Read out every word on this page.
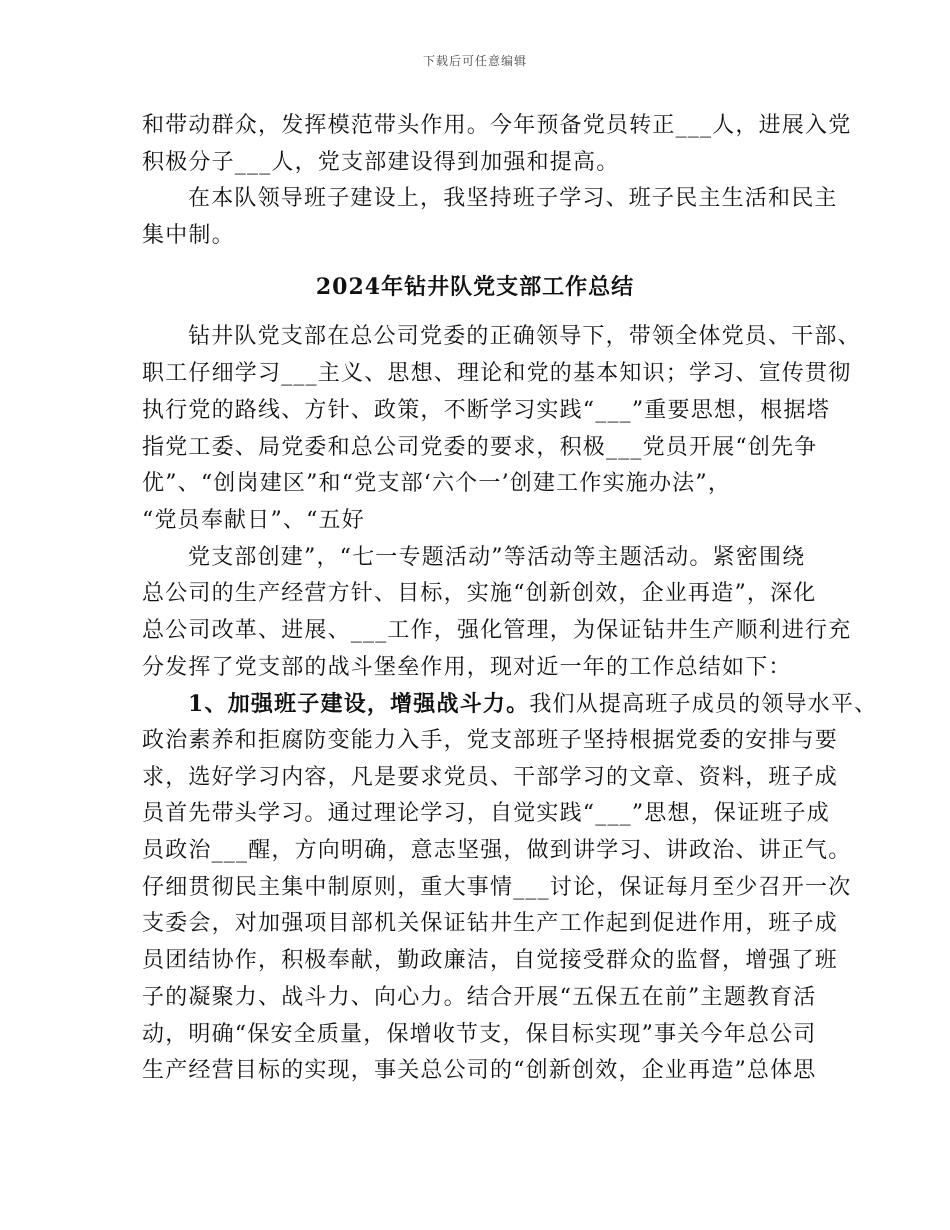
下载后可任意编辑
和带动群众，发挥模范带头作用。今年预备党员转正___人，进展入党
积极分子___人，党支部建设得到加强和提高。
在本队领导班子建设上，我坚持班子学习、班子民主生活和民主
集中制。
2024年钻井队党支部工作总结
钻井队党支部在总公司党委的正确领导下，带领全体党员、干部、
职工仔细学习___主义、思想、理论和党的基本知识；学习、宣传贯彻
执行党的路线、方针、政策，不断学习实践“___”重要思想，根据塔
指党工委、局党委和总公司党委的要求，积极___党员开展“创先争
优”、“创岗建区”和“党支部‘六个一’创建工作实施办法”，
“党员奉献日”、“五好
党支部创建”，“七一专题活动”等活动等主题活动。紧密围绕
总公司的生产经营方针、目标，实施“创新创效，企业再造”，深化
总公司改革、进展、___工作，强化管理，为保证钻井生产顺利进行充
分发挥了党支部的战斗堡垒作用，现对近一年的工作总结如下：
1、加强班子建设，增强战斗力。我们从提高班子成员的领导水平、
政治素养和拒腐防变能力入手，党支部班子坚持根据党委的安排与要
求，选好学习内容，凡是要求党员、干部学习的文章、资料，班子成
员首先带头学习。通过理论学习，自觉实践“___”思想，保证班子成
员政治___醒，方向明确，意志坚强，做到讲学习、讲政治、讲正气。
仔细贯彻民主集中制原则，重大事情___讨论，保证每月至少召开一次
支委会，对加强项目部机关保证钻井生产工作起到促进作用，班子成
员团结协作，积极奉献，勤政廉洁，自觉接受群众的监督，增强了班
子的凝聚力、战斗力、向心力。结合开展“五保五在前”主题教育活
动，明确“保安全质量，保增收节支，保目标实现”事关今年总公司
生产经营目标的实现，事关总公司的“创新创效，企业再造”总体思
